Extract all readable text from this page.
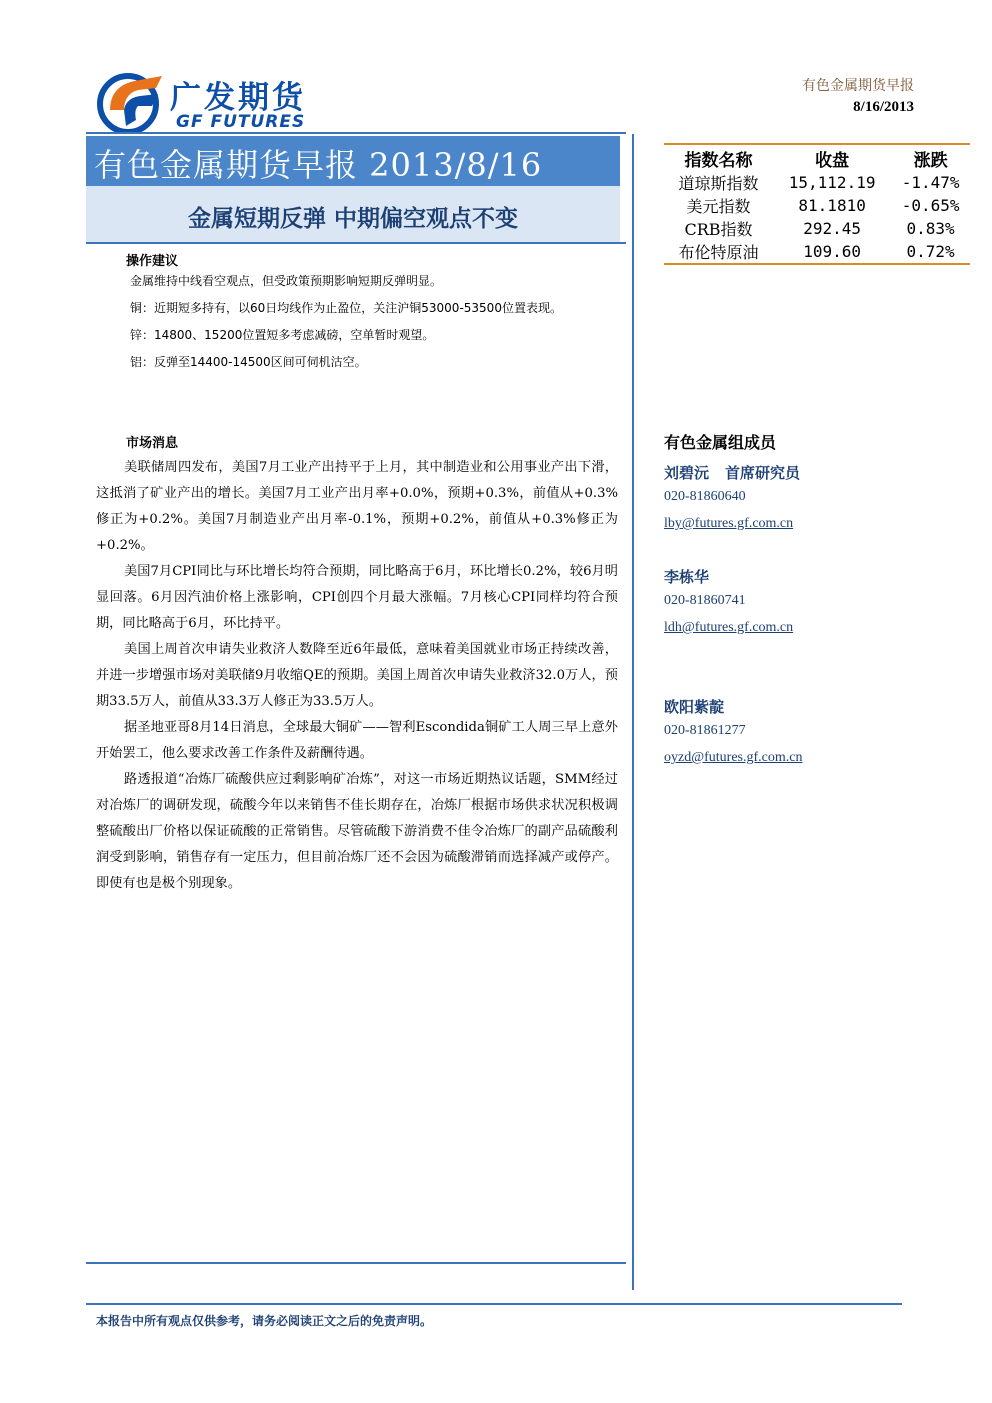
广发期货
GF FUTURES
有色金属期货早报
8/16/2013
有色金属期货早报 2013/8/16
金属短期反弹 中期偏空观点不变
指数名称	收盘	涨跌
道琼斯指数	15,112.19	-1.47%
美元指数	81.1810	-0.65%
CRB指数	292.45	0.83%
布伦特原油	109.60	0.72%
操作建议

金属维持中线看空观点，但受政策预期影响短期反弹明显。

铜：近期短多持有，以60日均线作为止盈位，关注沪铜53000-53500位置表现。

锌：14800、15200位置短多考虑减磅，空单暂时观望。

铝：反弹至14400-14500区间可伺机沽空。

市场消息

美联储周四发布，美国7月工业产出持平于上月，其中制造业和公用事业产出下滑，这抵消了矿业产出的增长。美国7月工业产出月率+0.0%，预期+0.3%，前值从+0.3%修正为+0.2%。美国7月制造业产出月率-0.1%，预期+0.2%，前值从+0.3%修正为+0.2%。

美国7月CPI同比与环比增长均符合预期，同比略高于6月，环比增长0.2%，较6月明显回落。6月因汽油价格上涨影响，CPI创四个月最大涨幅。7月核心CPI同样均符合预期，同比略高于6月，环比持平。

美国上周首次申请失业救济人数降至近6年最低，意味着美国就业市场正持续改善，并进一步增强市场对美联储9月收缩QE的预期。美国上周首次申请失业救济32.0万人，预期33.5万人，前值从33.3万人修正为33.5万人。

据圣地亚哥8月14日消息，全球最大铜矿——智利Escondida铜矿工人周三早上意外开始罢工，他么要求改善工作条件及薪酬待遇。

路透报道“冶炼厂硫酸供应过剩影响矿冶炼”，对这一市场近期热议话题，SMM经过对冶炼厂的调研发现，硫酸今年以来销售不佳长期存在，冶炼厂根据市场供求状况积极调整硫酸出厂价格以保证硫酸的正常销售。尽管硫酸下游消费不佳令冶炼厂的副产品硫酸利润受到影响，销售存有一定压力，但目前冶炼厂还不会因为硫酸滞销而选择减产或停产。即使有也是极个别现象。

有色金属组成员
刘碧沅 首席研究员
020-81860640
lby@futures.gf.com.cn
李栋华
020-81860741
ldh@futures.gf.com.cn
欧阳紫靛
020-81861277
oyzd@futures.gf.com.cn
本报告中所有观点仅供参考，请务必阅读正文之后的免责声明。
